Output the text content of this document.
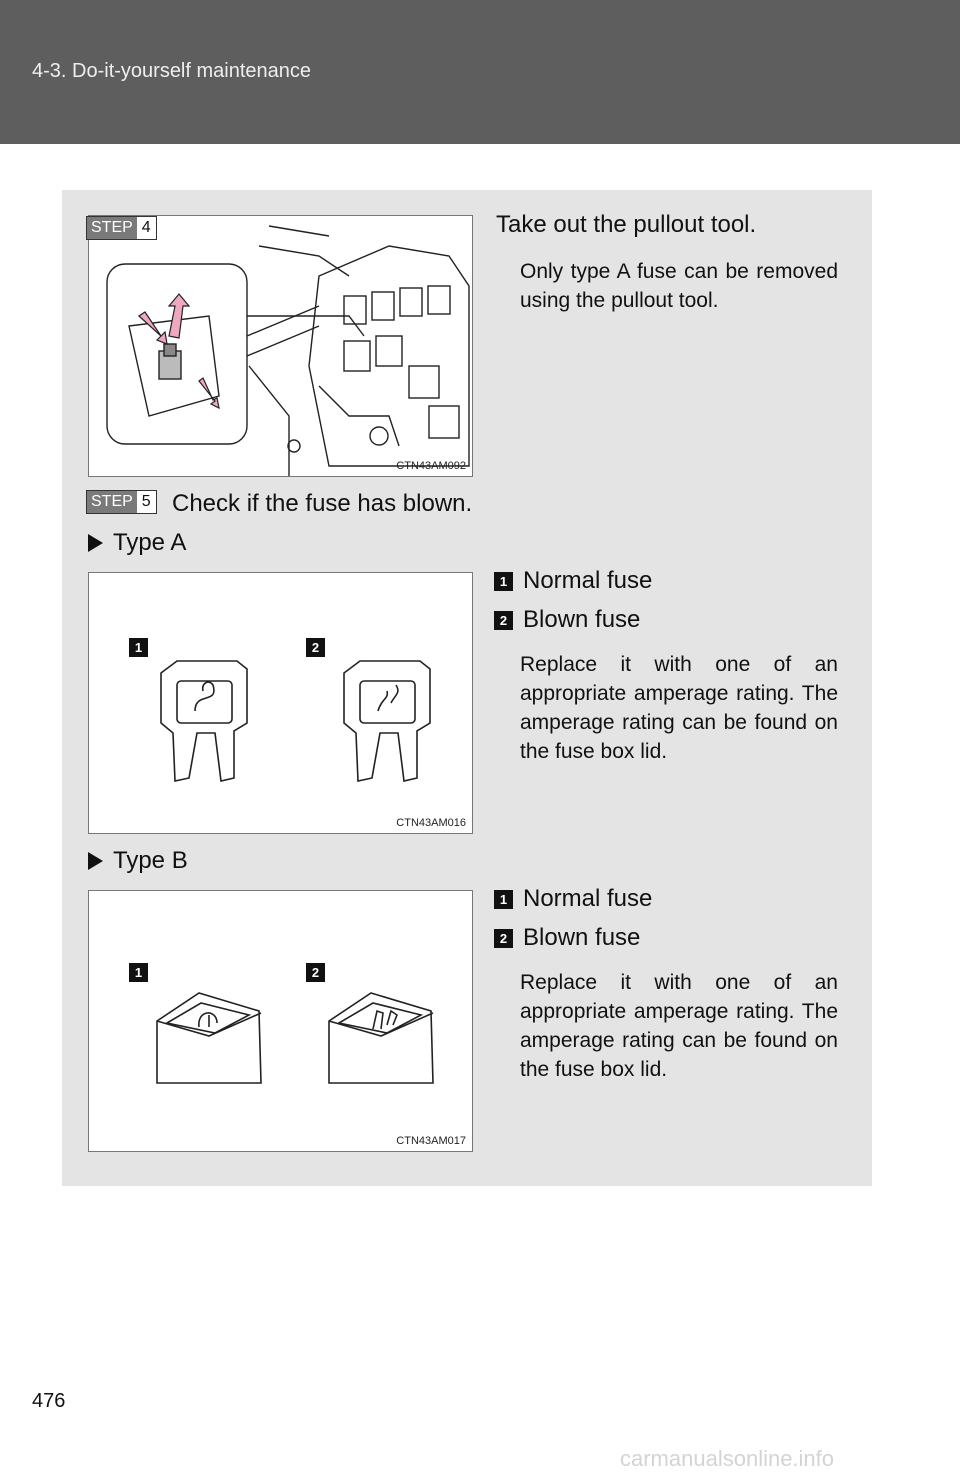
4-3. Do-it-yourself maintenance
CTN43AM092
STEP 4	Take out the pullout tool.
Only type A fuse can be removed using the pullout tool.
STEP 5 Check if the fuse has blown.
Type A
1	2
CTN43AM016
1 Normal fuse
2 Blown fuse
Replace it with one of an appropriate amperage rating. The amperage rating can be found on the fuse box lid.
Type B
1	2
CTN43AM017
1 Normal fuse
2 Blown fuse
Replace it with one of an appropriate amperage rating. The amperage rating can be found on the fuse box lid.
476
carmanualsonline.info
